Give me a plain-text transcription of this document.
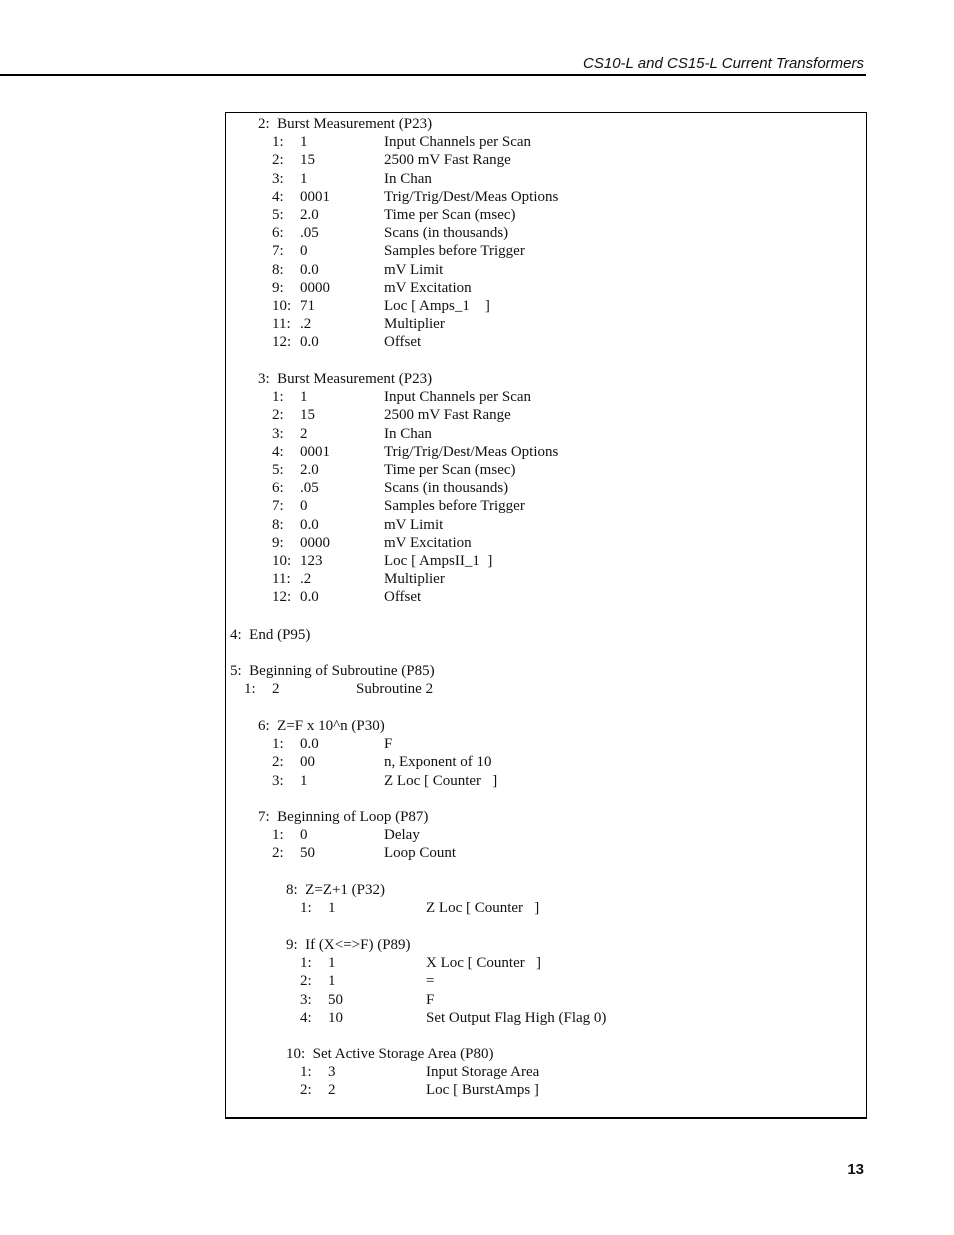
CS10-L and CS15-L Current Transformers
2:  Burst Measurement (P23)
1: 1	Input Channels per Scan
2: 15	2500 mV Fast Range
3: 1	In Chan
4: 0001	Trig/Trig/Dest/Meas Options
5: 2.0	Time per Scan (msec)
6: .05	Scans (in thousands)
7: 0	Samples before Trigger
8: 0.0	mV Limit
9: 0000	mV Excitation
10: 71	Loc [ Amps_1    ]
11: .2	Multiplier
12: 0.0	Offset
3:  Burst Measurement (P23)
1: 1	Input Channels per Scan
2: 15	2500 mV Fast Range
3: 2	In Chan
4: 0001	Trig/Trig/Dest/Meas Options
5: 2.0	Time per Scan (msec)
6: .05	Scans (in thousands)
7: 0	Samples before Trigger
8: 0.0	mV Limit
9: 0000	mV Excitation
10: 123	Loc [ AmpsII_1  ]
11: .2	Multiplier
12: 0.0	Offset
4:  End (P95)
5:  Beginning of Subroutine (P85)
1: 2	Subroutine 2
6:  Z=F x 10^n (P30)
1: 0.0	F
2: 00	n, Exponent of 10
3: 1	Z Loc [ Counter   ]
7:  Beginning of Loop (P87)
1: 0	Delay
2: 50	Loop Count
8:  Z=Z+1 (P32)
1: 1	Z Loc [ Counter   ]
9:  If (X<=>F) (P89)
1: 1	X Loc [ Counter   ]
2: 1	=
3: 50	F
4: 10	Set Output Flag High (Flag 0)
10:  Set Active Storage Area (P80)
1: 3	Input Storage Area
2: 2	Loc [ BurstAmps ]
13
